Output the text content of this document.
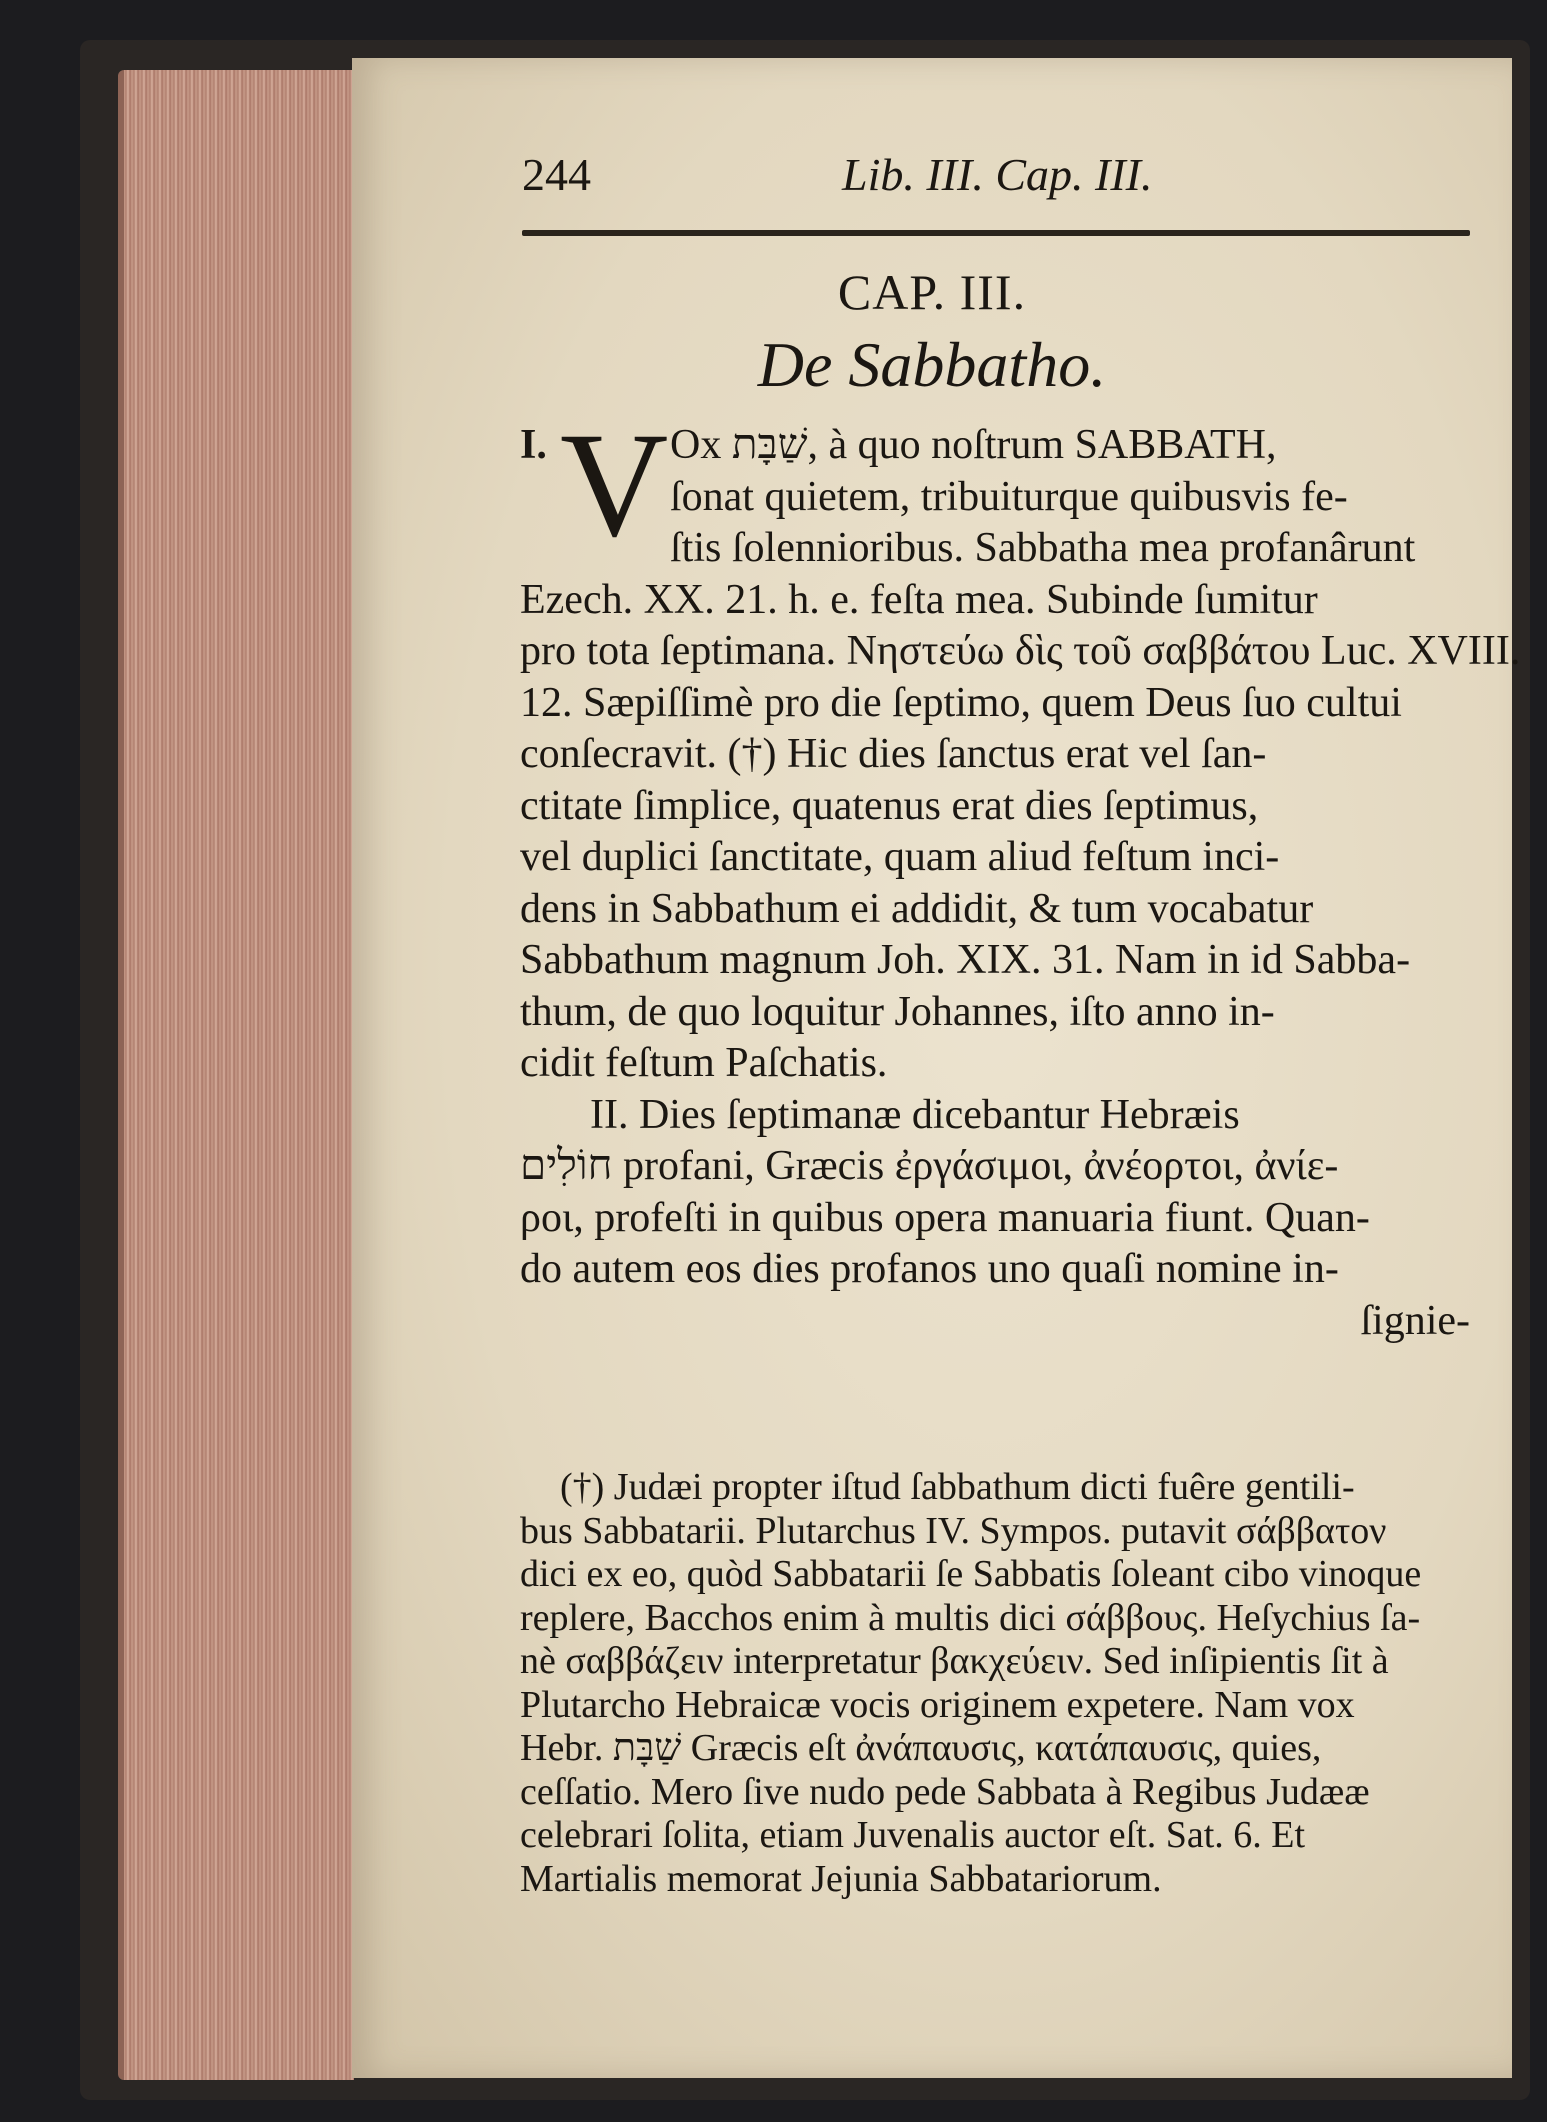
244	Lib. III. Cap. III.
CAP. III.
De Sabbatho.
I. V Ox שַׁבָּת, à quo noſtrum SABBATH,
ſonat quietem, tribuiturque quibusvis fe-
ſtis ſolennioribus. Sabbatha mea profanârunt
Ezech. XX. 21. h. e. feſta mea. Subinde ſumitur
pro tota ſeptimana. Νηστεύω δὶς τοῦ σαββάτου Luc. XVIII.
12. Sæpiſſimè pro die ſeptimo, quem Deus ſuo cultui
conſecravit. (†) Hic dies ſanctus erat vel ſan-
ctitate ſimplice, quatenus erat dies ſeptimus,
vel duplici ſanctitate, quam aliud feſtum inci-
dens in Sabbathum ei addidit, & tum vocabatur
Sabbathum magnum Joh. XIX. 31. Nam in id Sabba-
thum, de quo loquitur Johannes, iſto anno in-
cidit feſtum Paſchatis.
II. Dies ſeptimanæ dicebantur Hebræis
חוֹלִים profani, Græcis ἐργάσιμοι, ἀνέορτοι, ἀνίε-
ροι, profeſti in quibus opera manuaria fiunt. Quan-
do autem eos dies profanos uno quaſi nomine in-
ſignie-
(†) Judæi propter iſtud ſabbathum dicti fuêre gentili-
bus Sabbatarii. Plutarchus IV. Sympos. putavit σάββατον
dici ex eo, quòd Sabbatarii ſe Sabbatis ſoleant cibo vinoque
replere, Bacchos enim à multis dici σάββους. Heſychius ſa-
nè σαββάζειν interpretatur βακχεύειν. Sed inſipientis ſit à
Plutarcho Hebraicæ vocis originem expetere. Nam vox
Hebr. שַׁבָּת Græcis eſt ἀνάπαυσις, κατάπαυσις, quies,
ceſſatio. Mero ſive nudo pede Sabbata à Regibus Judææ
celebrari ſolita, etiam Juvenalis auctor eſt. Sat. 6. Et
Martialis memorat Jejunia Sabbatariorum.
